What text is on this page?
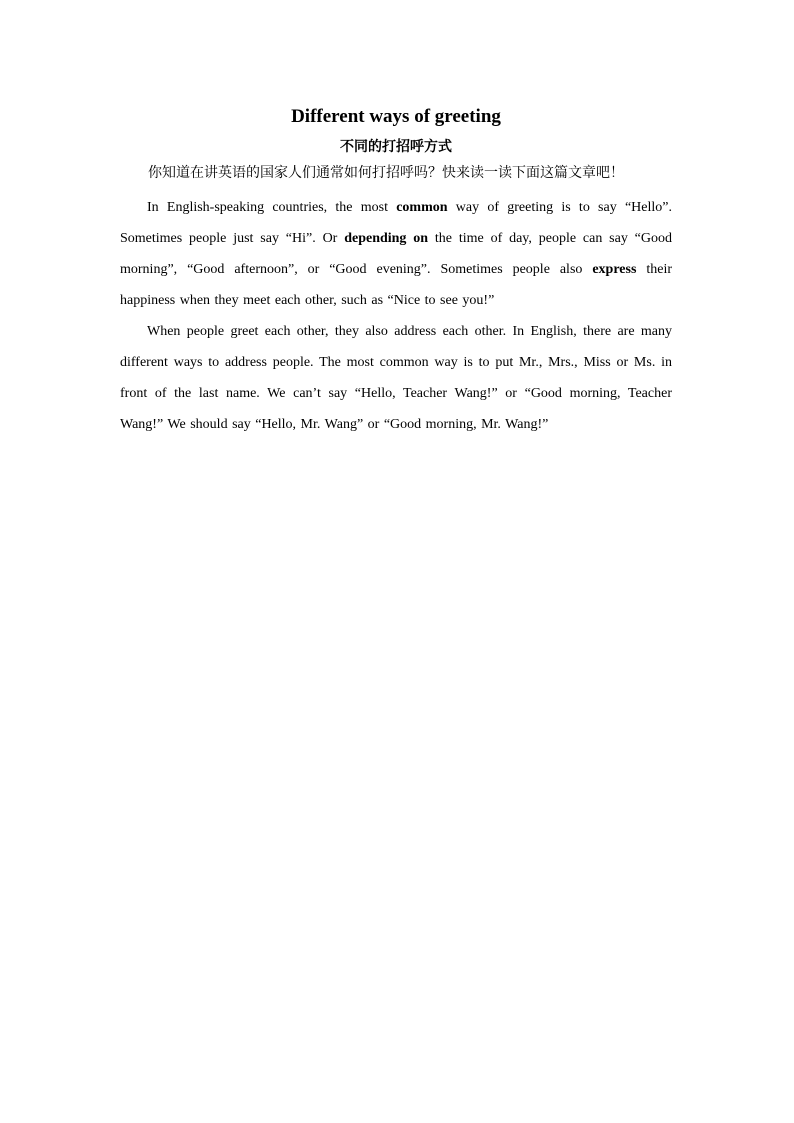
Different ways of greeting
不同的打招呼方式

你知道在讲英语的国家人们通常如何打招呼吗？快来读一读下面这篇文章吧！

In English-speaking countries, the most common way of greeting is to say “Hello”. Sometimes people just say “Hi”. Or depending on the time of day, people can say “Good morning”, “Good afternoon”, or “Good evening”. Sometimes people also express their happiness when they meet each other, such as “Nice to see you!”

When people greet each other, they also address each other. In English, there are many different ways to address people. The most common way is to put Mr., Mrs., Miss or Ms. in front of the last name. We can’t say “Hello, Teacher Wang!” or “Good morning, Teacher Wang!” We should say “Hello, Mr. Wang” or “Good morning, Mr. Wang!”
